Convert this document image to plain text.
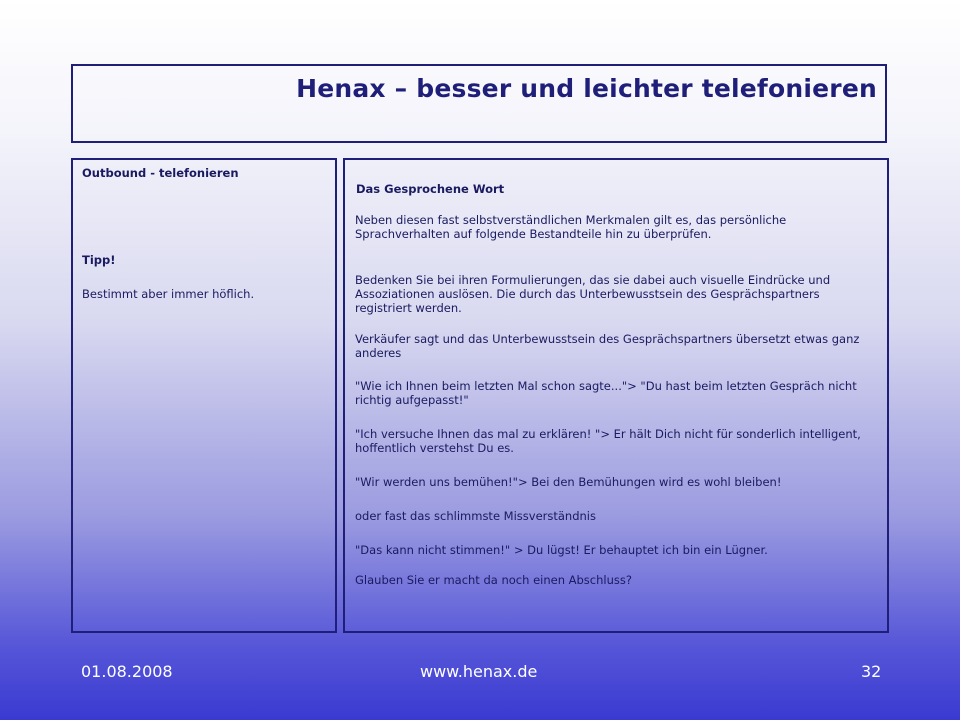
Henax – besser und leichter telefonieren
Outbound - telefonieren
Tipp!
Bestimmt aber immer höflich.
Das Gesprochene Wort

Neben diesen fast selbstverständlichen Merkmalen gilt es, das persönliche Sprachverhalten auf folgende Bestandteile hin zu überprüfen.

Bedenken Sie bei ihren Formulierungen, das sie dabei auch visuelle Eindrücke und Assoziationen auslösen. Die durch das Unterbewusstsein des Gesprächspartners registriert werden.

Verkäufer sagt und das Unterbewusstsein des Gesprächspartners übersetzt etwas ganz anderes

"Wie ich Ihnen beim letzten Mal schon sagte..."> "Du hast beim letzten Gespräch nicht richtig aufgepasst!"

"Ich versuche Ihnen das mal zu erklären! "> Er hält Dich nicht für sonderlich intelligent, hoffentlich verstehst Du es.

"Wir werden uns bemühen!"> Bei den Bemühungen wird es wohl bleiben!

oder fast das schlimmste Missverständnis

"Das kann nicht stimmen!" > Du lügst! Er behauptet ich bin ein Lügner.

Glauben Sie er macht da noch einen Abschluss?

01.08.2008	www.henax.de	32
